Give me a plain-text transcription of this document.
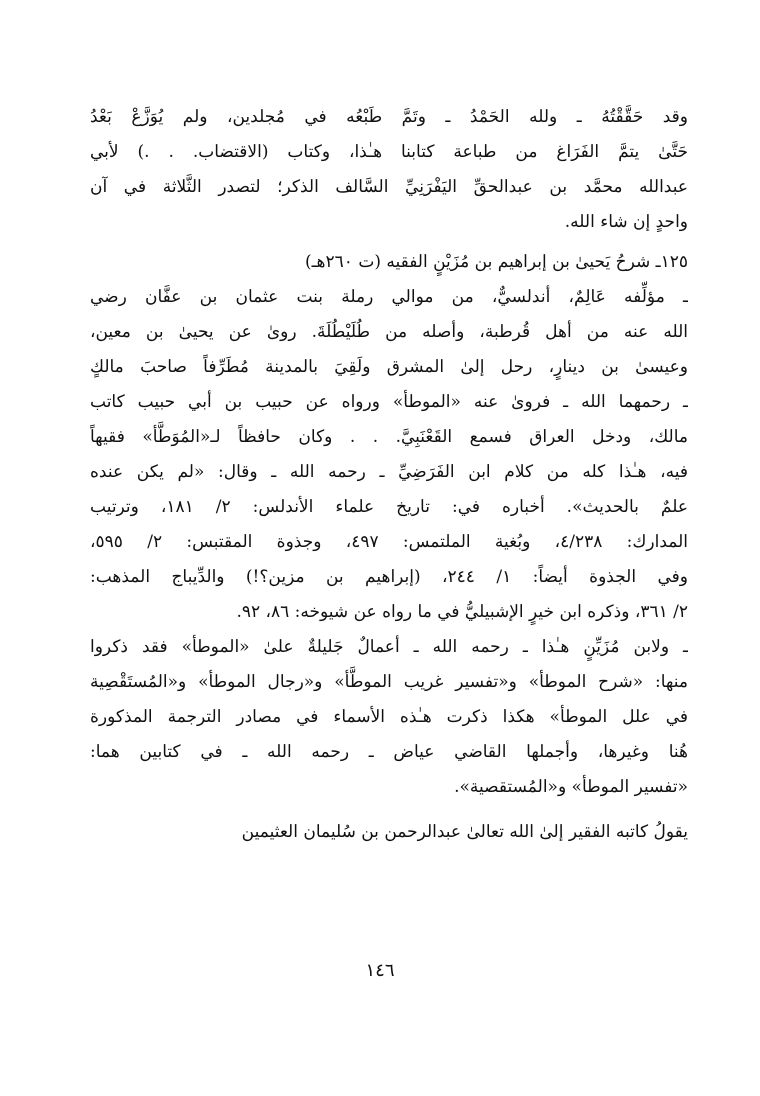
وقد حَقَّقْتُهُ ـ ولله الحَمْدُ ـ وتَمَّ طَبْعُه في مُجلدين، ولم يُوَزَّعْ بَعْدُ
حَتَّىٰ يتمَّ الفَرَاغ من طباعة كتابنا هـٰذا، وكتاب (الاقتضاب. . .) لأبي
عبدالله محمَّد بن عبدالحقِّ اليَفْرَنِيِّ السَّالف الذكر؛ لتصدر الثَّلاثة في آن
واحدٍ إن شاء الله.
١٢٥ـ شرحُ يَحيىٰ بن إبراهيم بن مُزَيْنٍ الفقيه (ت ٢٦٠هـ)
ـ مؤلِّفه عَالِمٌ، أندلسيٌّ، من موالي رملة بنت عثمان بن عفَّان رضي
الله عنه من أهل قُرطبة، وأصله من طُلَيْطُلَةَ. رویٰ عن یحییٰ بن معین،
وعیسیٰ بن دینارٍ، رحل إلیٰ المشرق ولَقِيَ بالمدینة مُطَرِّفاً صاحبَ مالكٍ
ـ رحمهما الله ـ فرویٰ عنه «الموطأ» ورواه عن حبیب بن أبي حبیب كاتب
مالك، ودخل العراق فسمع القَعْنَبِيَّ. . . وكان حافظاً لـ«المُوَطَّأ» فقیهاً
فیه، هـٰذا كله من كلام ابن الفَرَضِيِّ ـ رحمه الله ـ وقال: «لم یكن عنده
علمٌ بالحدیث». أخباره في: تاریخ علماء الأندلس: ٢/ ١٨١، وترتیب
المدارك: ٤/٢٣٨، وبُغیة الملتمس: ٤٩٧، وجذوة المقتبس: ٢/ ٥٩٥،
وفي الجذوة أیضاً: ١/ ٢٤٤، (إبراهیم بن مزین؟!) والدِّیباج المذهب:
٢/ ٣٦١، وذكره ابن خیرٍ الإشبیليُّ في ما رواه عن شیوخه: ٨٦، ٩٢.
ـ ولابن مُزَيِّنٍ هـٰذا ـ رحمه الله ـ أعمالٌ جَلیلةٌ علیٰ «الموطأ» فقد ذكروا
منها: «شرح الموطأ» و«تفسیر غریب الموطَّأ» و«رجال الموطأ» و«المُستَقْصِیة
في علل الموطأ» هكذا ذكرت هـٰذه الأسماء في مصادر الترجمة المذكورة
هُنا وغیرها، وأجملها القاضي عیاض ـ رحمه الله ـ في كتابین هما:
«تفسیر الموطأ» و«المُستقصیة».
یقولُ كاتبه الفقیر إلیٰ الله تعالیٰ عبدالرحمن بن سُلیمان العثیمین
١٤٦
